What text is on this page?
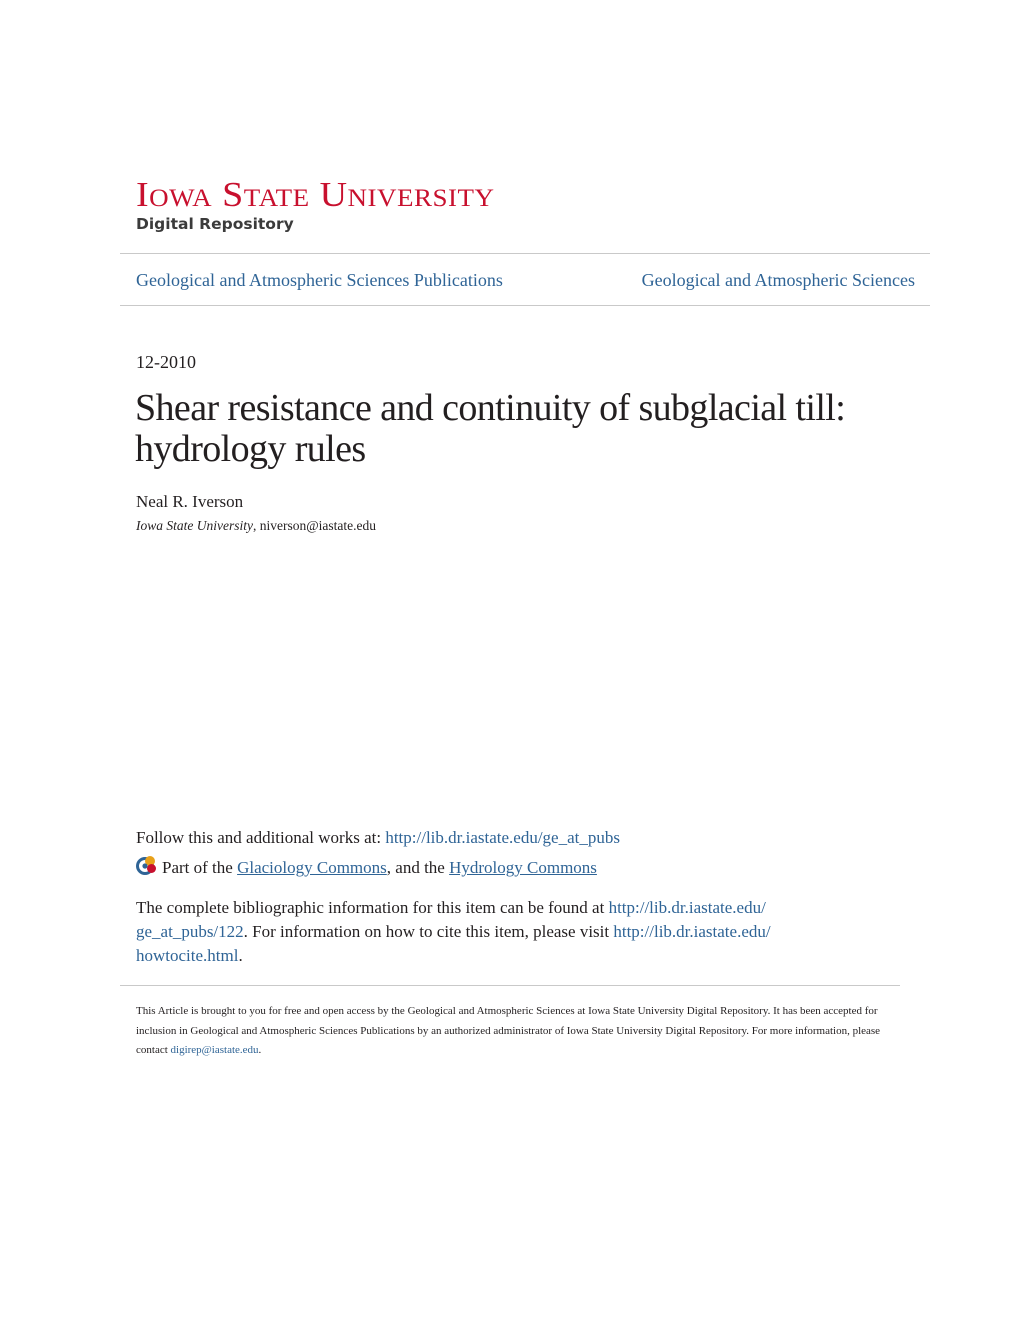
Iowa State University
Digital Repository
Geological and Atmospheric Sciences Publications	Geological and Atmospheric Sciences
12-2010
Shear resistance and continuity of subglacial till: hydrology rules
Neal R. Iverson
Iowa State University, niverson@iastate.edu
Follow this and additional works at: http://lib.dr.iastate.edu/ge_at_pubs
Part of the Glaciology Commons, and the Hydrology Commons
The complete bibliographic information for this item can be found at http://lib.dr.iastate.edu/
ge_at_pubs/122. For information on how to cite this item, please visit http://lib.dr.iastate.edu/
howtocite.html.
This Article is brought to you for free and open access by the Geological and Atmospheric Sciences at Iowa State University Digital Repository. It has been accepted for inclusion in Geological and Atmospheric Sciences Publications by an authorized administrator of Iowa State University Digital Repository. For more information, please contact digirep@iastate.edu.
